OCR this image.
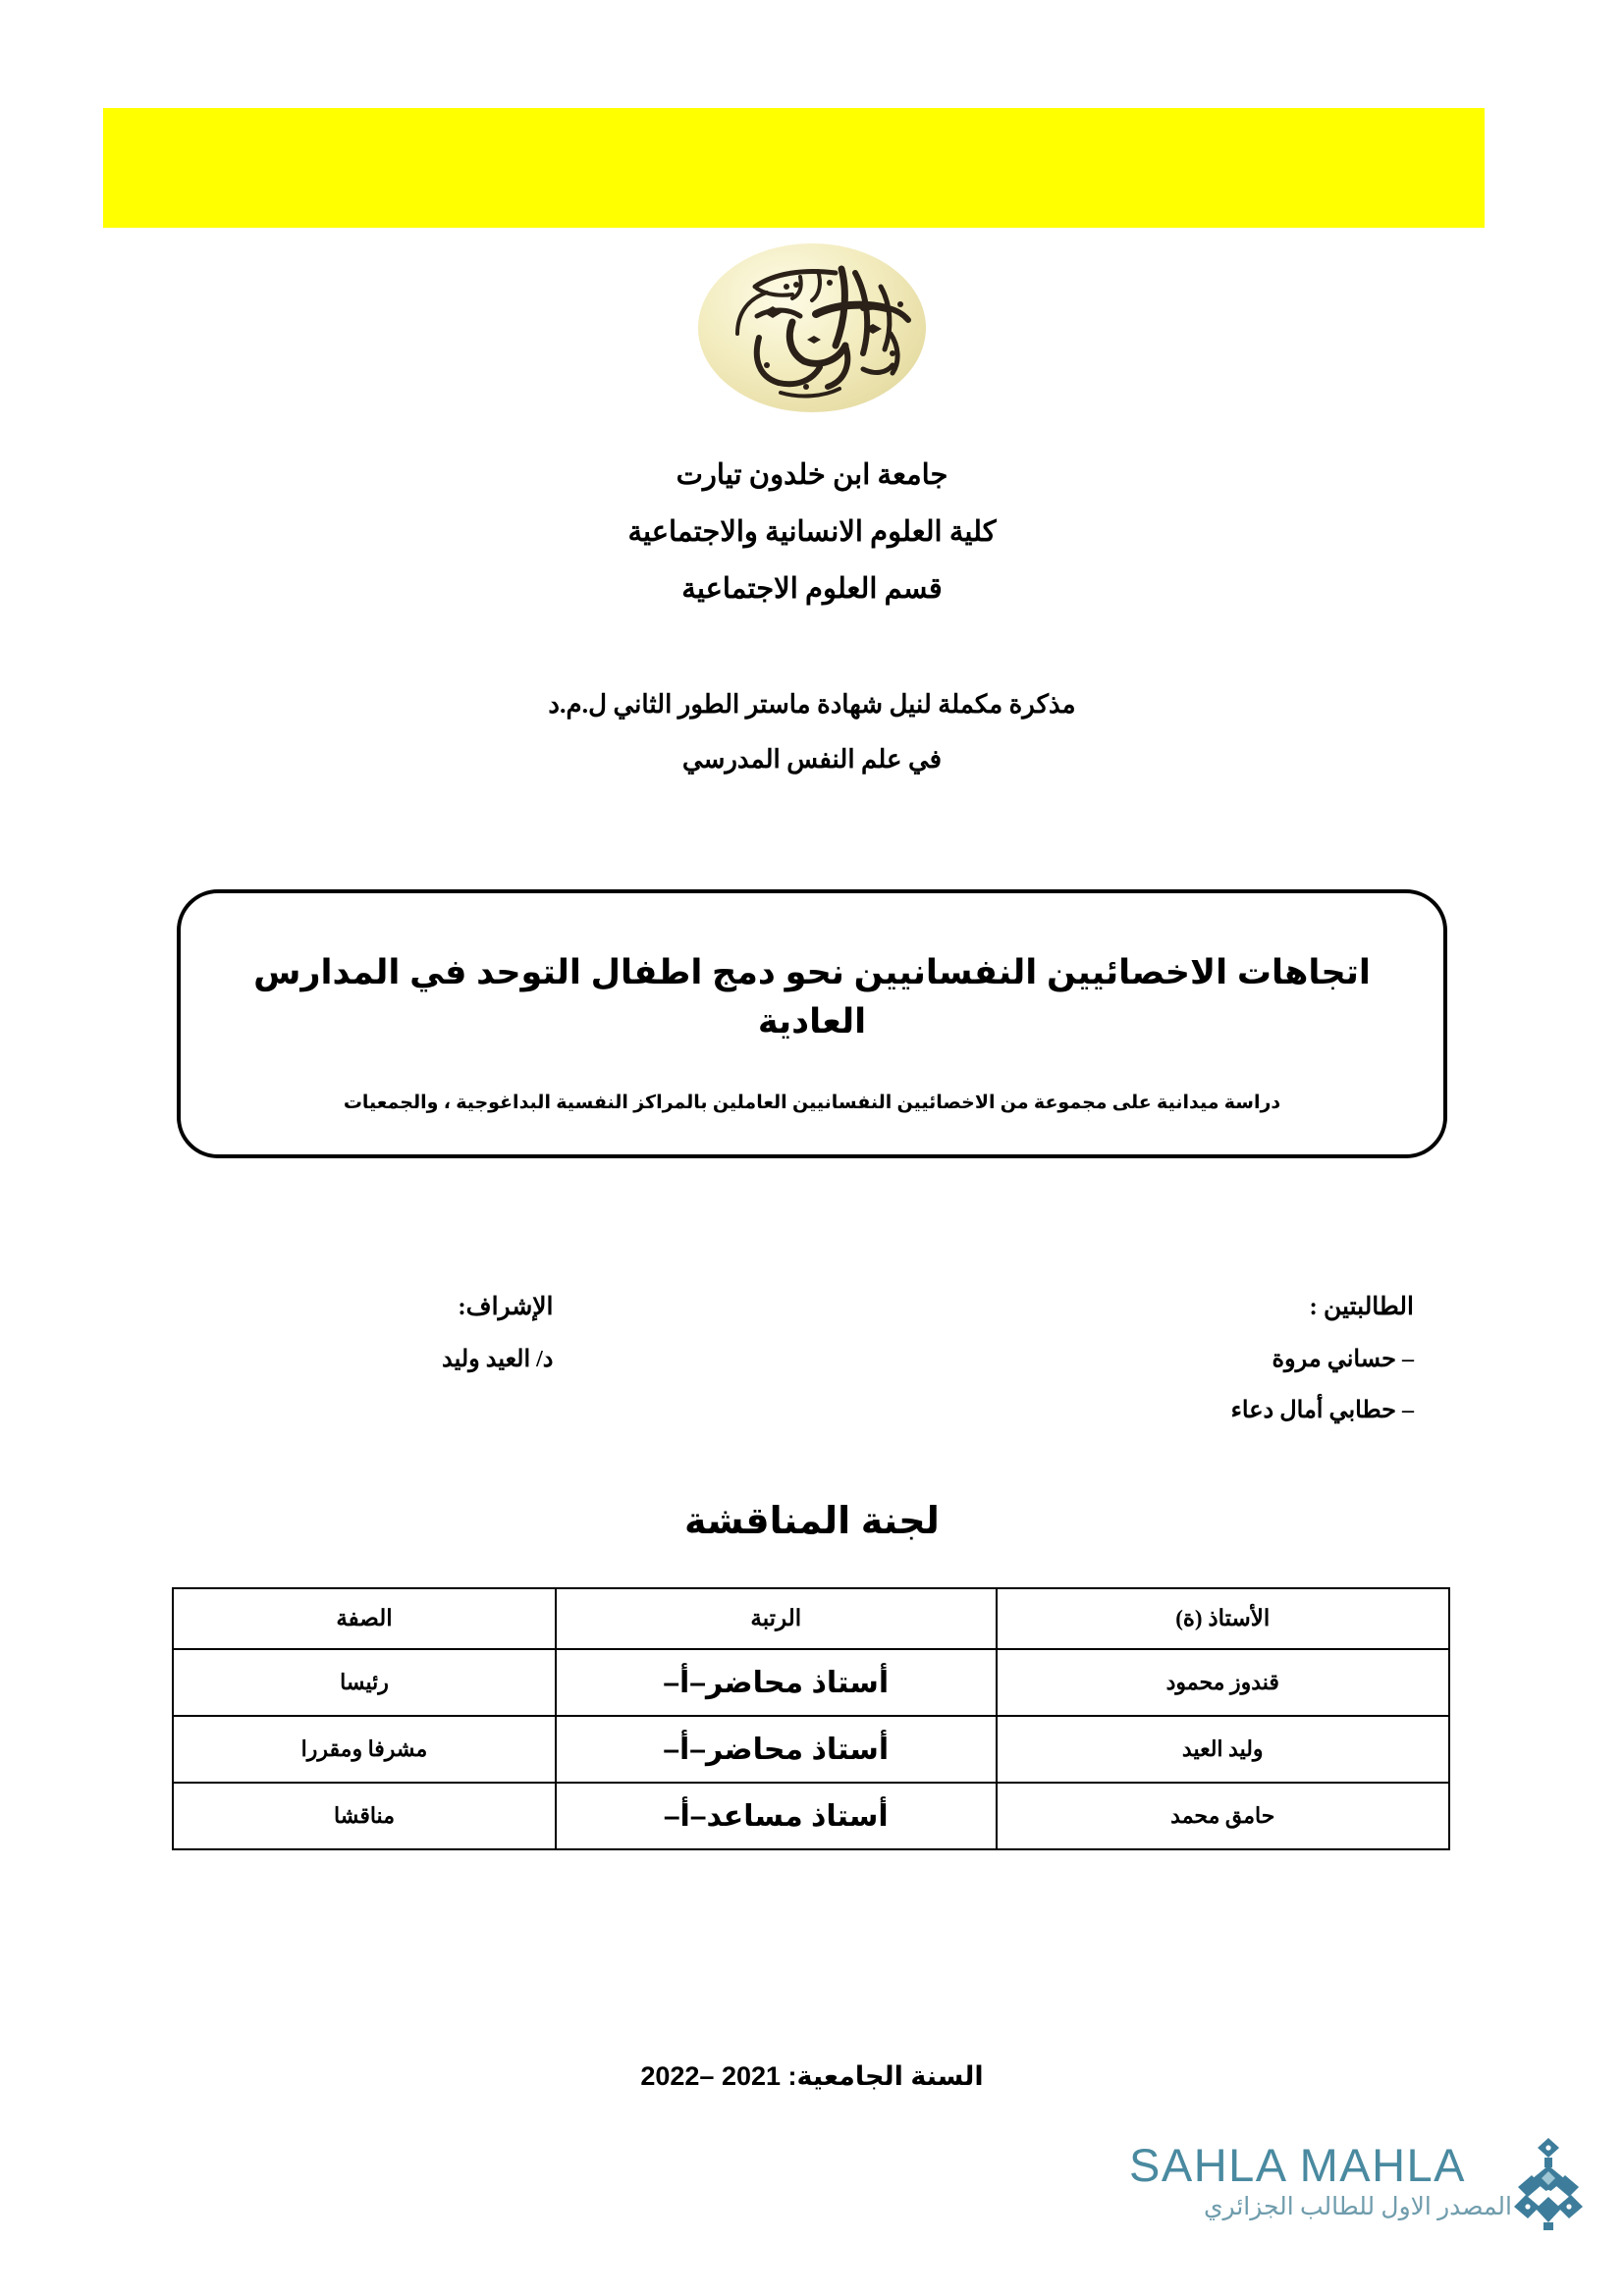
جامعة ابن خلدون تيارت
كلية العلوم الانسانية والاجتماعية
قسم العلوم الاجتماعية
مذكرة مكملة لنيل شهادة ماستر الطور الثاني ل.م.د
في علم النفس المدرسي
اتجاهات الاخصائيين النفسانيين نحو دمج اطفال التوحد في المدارس العادية
دراسة ميدانية على مجموعة من الاخصائيين النفسانيين العاملين بالمراكز النفسية البداغوجية ، والجمعيات
الطالبتين :
– حساني مروة
– حطابي أمال دعاء
الإشراف:
د/ العيد وليد
لجنة المناقشة
الأستاذ (ة)	الرتبة	الصفة
قندوز محمود	أستاذ محاضر–أ–	رئيسا
وليد العيد	أستاذ محاضر–أ–	مشرفا ومقررا
حامق محمد	أستاذ مساعد–أ–	مناقشا
السنة الجامعية: 2021 –2022
SAHLA MAHLA
المصدر الاول للطالب الجزائري
